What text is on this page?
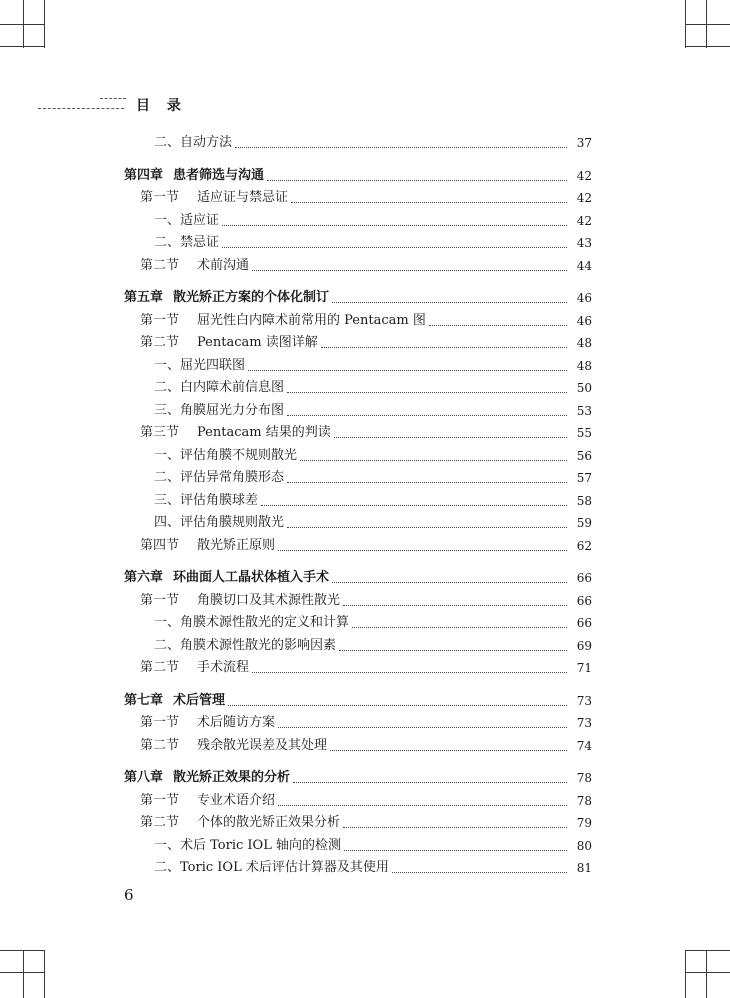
目 录
二、自动方法	37
第四章 患者筛选与沟通	42
第一节 适应证与禁忌证	42
一、适应证	42
二、禁忌证	43
第二节 术前沟通	44
第五章 散光矫正方案的个体化制订	46
第一节 屈光性白内障术前常用的 Pentacam 图	46
第二节 Pentacam 读图详解	48
一、屈光四联图	48
二、白内障术前信息图	50
三、角膜屈光力分布图	53
第三节 Pentacam 结果的判读	55
一、评估角膜不规则散光	56
二、评估异常角膜形态	57
三、评估角膜球差	58
四、评估角膜规则散光	59
第四节 散光矫正原则	62
第六章 环曲面人工晶状体植入手术	66
第一节 角膜切口及其术源性散光	66
一、角膜术源性散光的定义和计算	66
二、角膜术源性散光的影响因素	69
第二节 手术流程	71
第七章 术后管理	73
第一节 术后随访方案	73
第二节 残余散光误差及其处理	74
第八章 散光矫正效果的分析	78
第一节 专业术语介绍	78
第二节 个体的散光矫正效果分析	79
一、术后 Toric IOL 轴向的检测	80
二、Toric IOL 术后评估计算器及其使用	81
6
